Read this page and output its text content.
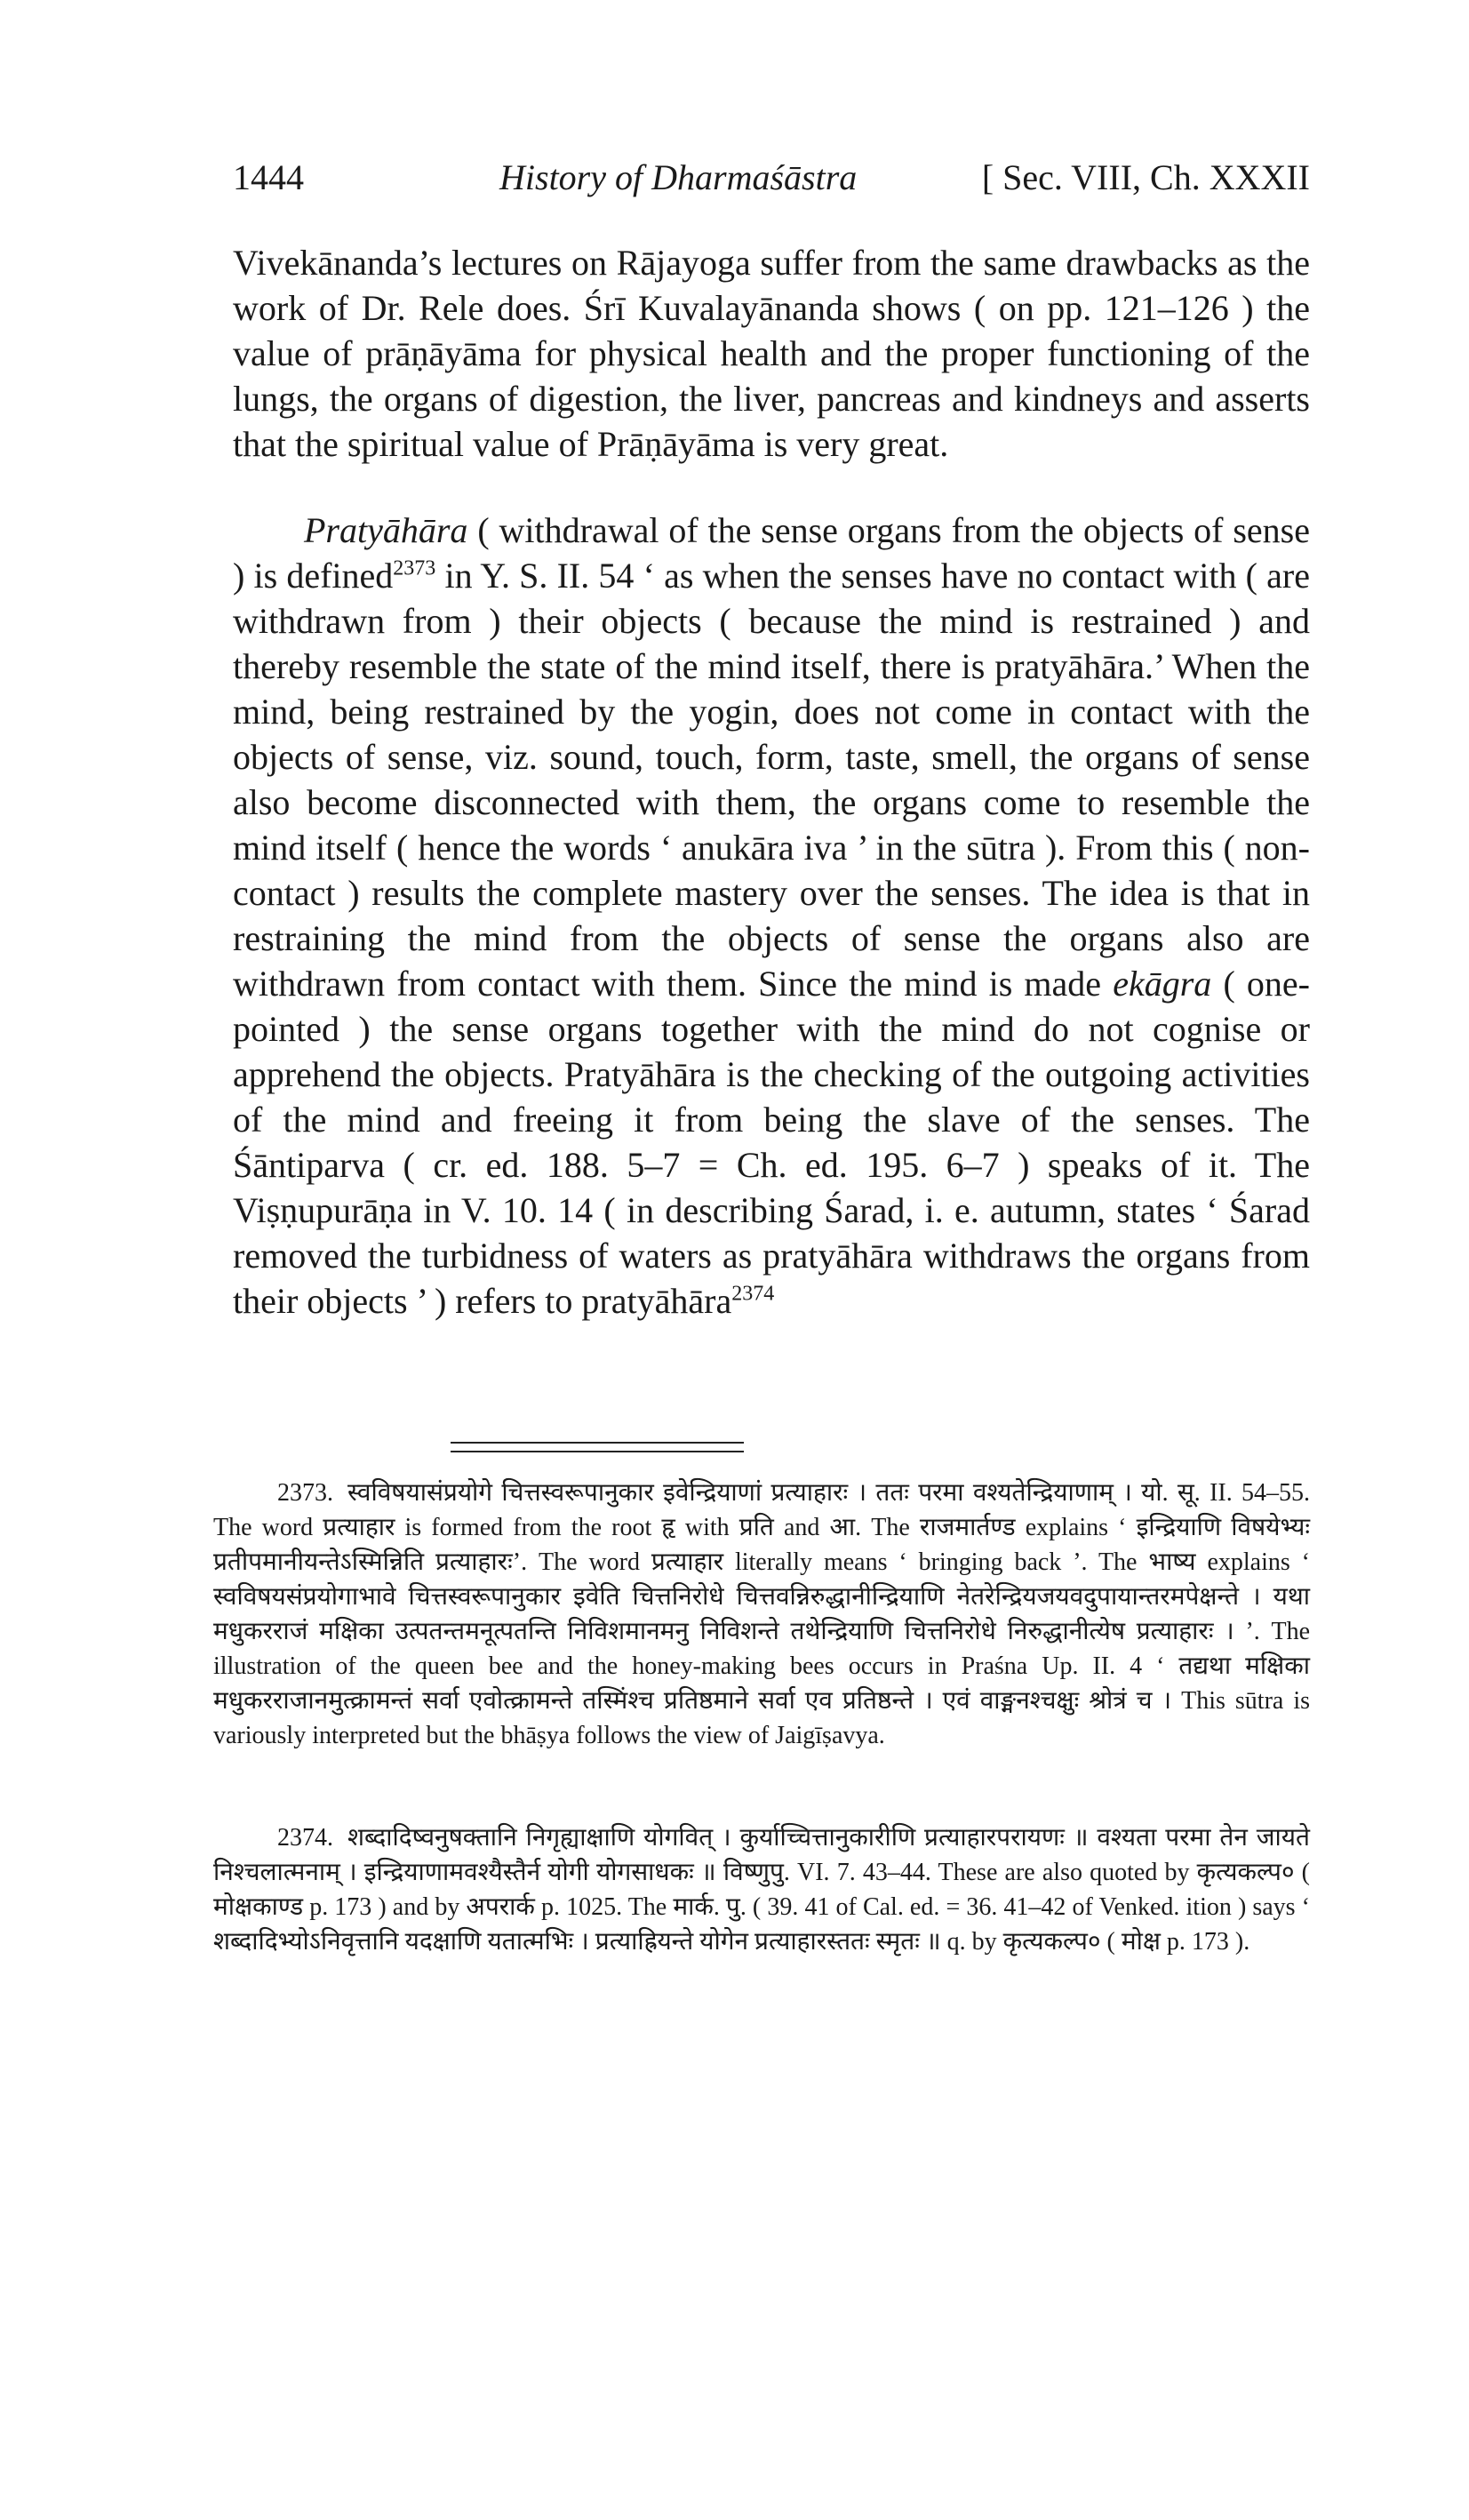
1444	History of Dharmaśāstra	[ Sec. VIII, Ch. XXXII

Vivekānanda’s lectures on Rājayoga suffer from the same drawbacks as the work of Dr. Rele does. Śrī Kuvalayānanda shows ( on pp. 121–126 ) the value of prāṇāyāma for physical health and the proper functioning of the lungs, the organs of digestion, the liver, pancreas and kindneys and asserts that the spiritual value of Prāṇāyāma is very great.

Pratyāhāra ( withdrawal of the sense organs from the objects of sense ) is defined$^{2373}$ in Y. S. II. 54 ‘ as when the senses have no contact with ( are withdrawn from ) their objects ( because the mind is restrained ) and thereby resemble the state of the mind itself, there is pratyāhāra.’ When the mind, being restrained by the yogin, does not come in contact with the objects of sense, viz. sound, touch, form, taste, smell, the organs of sense also become disconnected with them, the organs come to resemble the mind itself ( hence the words ‘ anukāra iva ’ in the sūtra ). From this ( non-contact ) results the complete mastery over the senses. The idea is that in restraining the mind from the objects of sense the organs also are withdrawn from contact with them. Since the mind is made ekāgra ( one-pointed ) the sense organs together with the mind do not cognise or apprehend the objects. Pratyāhāra is the checking of the outgoing activities of the mind and freeing it from being the slave of the senses. The Śāntiparva ( cr. ed. 188. 5–7 = Ch. ed. 195. 6–7 ) speaks of it. The Viṣṇupurāṇa in V. 10. 14 ( in describing Śarad, i. e. autumn, states ‘ Śarad removed the turbidness of waters as pratyāhāra withdraws the organs from their objects ’ ) refers to pratyāhāra$^{2374}$

2373. स्वविषयासंप्रयोगे चित्तस्वरूपानुकार इवेन्द्रियाणां प्रत्याहारः । ततः परमा वश्यतेन्द्रियाणाम् । यो. सू. II. 54–55. The word प्रत्याहार is formed from the root हृ with प्रति and आ. The राजमार्तण्ड explains ‘ इन्द्रियाणि विषयेभ्यः प्रतीपमानीयन्तेऽस्मिन्निति प्रत्याहारः’. The word प्रत्याहार literally means ‘ bringing back ’. The भाष्य explains ‘ स्वविषयसंप्रयोगाभावे चित्तस्वरूपानुकार इवेति चित्तनिरोधे चित्तवन्निरुद्धानीन्द्रियाणि नेतरेन्द्रियजयवदुपायान्तरमपेक्षन्ते । यथा मधुकरराजं मक्षिका उत्पतन्तमनूत्पतन्ति निविशमानमनु निविशन्ते तथेन्द्रियाणि चित्तनिरोधे निरुद्धानीत्येष प्रत्याहारः । ’. The illustration of the queen bee and the honey-making bees occurs in Praśna Up. II. 4 ‘ तद्यथा मक्षिका मधुकरराजानमुत्क्रामन्तं सर्वा एवोत्क्रामन्ते तस्मिंश्च प्रतिष्ठमाने सर्वा एव प्रतिष्ठन्ते । एवं वाङ्मनश्चक्षुः श्रोत्रं च । This sūtra is variously interpreted but the bhāṣya follows the view of Jaigīṣavya.

2374. शब्दादिष्वनुषक्तानि निगृह्याक्षाणि योगवित् । कुर्याच्चित्तानुकारीणि प्रत्याहारपरायणः ॥ वश्यता परमा तेन जायते निश्चलात्मनाम् । इन्द्रियाणामवश्यैस्तैर्न योगी योगसाधकः ॥ विष्णुपु. VI. 7. 43–44. These are also quoted by कृत्यकल्प० ( मोक्षकाण्ड p. 173 ) and by अपरार्क p. 1025. The मार्क. पु. ( 39. 41 of Cal. ed. = 36. 41–42 of Venked. ition ) says ‘ शब्दादिभ्योऽनिवृत्तानि यदक्षाणि यतात्मभिः । प्रत्याह्रियन्ते योगेन प्रत्याहारस्ततः स्मृतः ॥ q. by कृत्यकल्प० ( मोक्ष p. 173 ).
